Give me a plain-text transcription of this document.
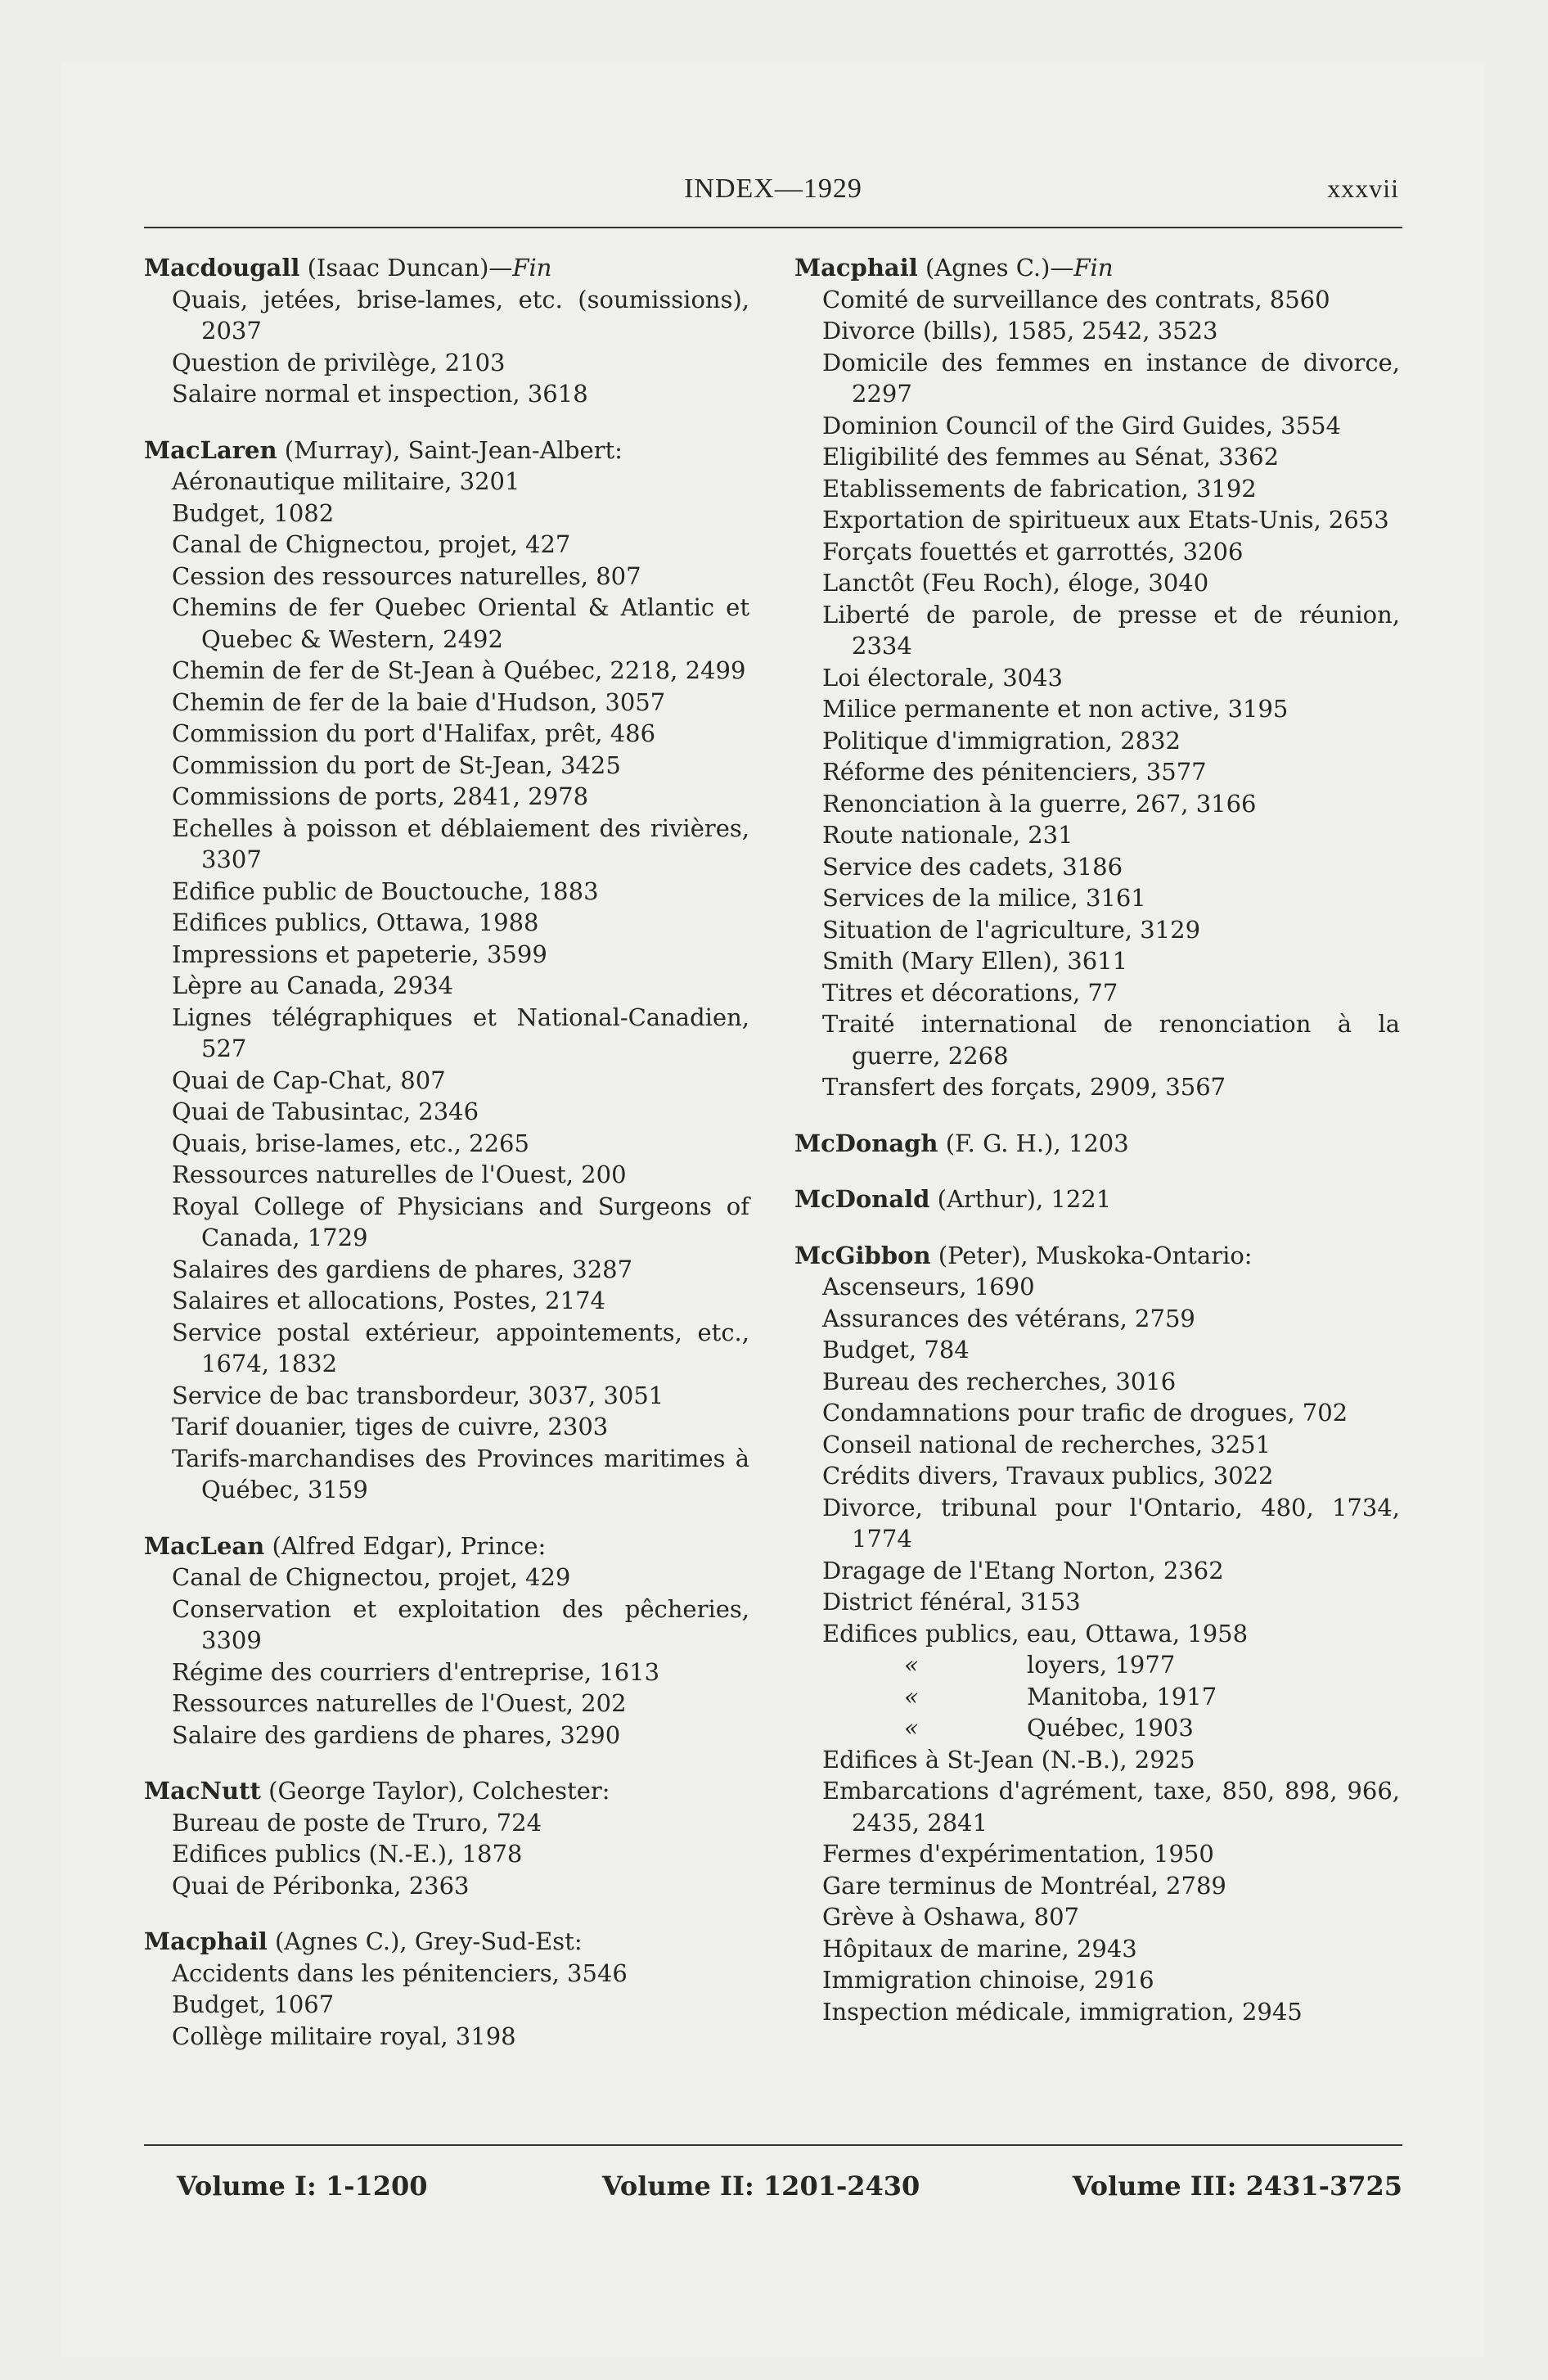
INDEX—1929	xxxvii
Macdougall (Isaac Duncan)—Fin
Quais, jetées, brise-lames, etc. (soumissions), 2037
Question de privilège, 2103
Salaire normal et inspection, 3618
MacLaren (Murray), Saint-Jean-Albert:
Aéronautique militaire, 3201
Budget, 1082
Canal de Chignectou, projet, 427
Cession des ressources naturelles, 807
Chemins de fer Quebec Oriental & Atlantic et Quebec & Western, 2492
Chemin de fer de St-Jean à Québec, 2218, 2499
Chemin de fer de la baie d'Hudson, 3057
Commission du port d'Halifax, prêt, 486
Commission du port de St-Jean, 3425
Commissions de ports, 2841, 2978
Echelles à poisson et déblaiement des rivières, 3307
Edifice public de Bouctouche, 1883
Edifices publics, Ottawa, 1988
Impressions et papeterie, 3599
Lèpre au Canada, 2934
Lignes télégraphiques et National-Canadien, 527
Quai de Cap-Chat, 807
Quai de Tabusintac, 2346
Quais, brise-lames, etc., 2265
Ressources naturelles de l'Ouest, 200
Royal College of Physicians and Surgeons of Canada, 1729
Salaires des gardiens de phares, 3287
Salaires et allocations, Postes, 2174
Service postal extérieur, appointements, etc., 1674, 1832
Service de bac transbordeur, 3037, 3051
Tarif douanier, tiges de cuivre, 2303
Tarifs-marchandises des Provinces maritimes à Québec, 3159
MacLean (Alfred Edgar), Prince:
Canal de Chignectou, projet, 429
Conservation et exploitation des pêcheries, 3309
Régime des courriers d'entreprise, 1613
Ressources naturelles de l'Ouest, 202
Salaire des gardiens de phares, 3290
MacNutt (George Taylor), Colchester:
Bureau de poste de Truro, 724
Edifices publics (N.-E.), 1878
Quai de Péribonka, 2363
Macphail (Agnes C.), Grey-Sud-Est:
Accidents dans les pénitenciers, 3546
Budget, 1067
Collège militaire royal, 3198
Macphail (Agnes C.)—Fin
Comité de surveillance des contrats, 8560
Divorce (bills), 1585, 2542, 3523
Domicile des femmes en instance de divorce, 2297
Dominion Council of the Gird Guides, 3554
Eligibilité des femmes au Sénat, 3362
Etablissements de fabrication, 3192
Exportation de spiritueux aux Etats-Unis, 2653
Forçats fouettés et garrottés, 3206
Lanctôt (Feu Roch), éloge, 3040
Liberté de parole, de presse et de réunion, 2334
Loi électorale, 3043
Milice permanente et non active, 3195
Politique d'immigration, 2832
Réforme des pénitenciers, 3577
Renonciation à la guerre, 267, 3166
Route nationale, 231
Service des cadets, 3186
Services de la milice, 3161
Situation de l'agriculture, 3129
Smith (Mary Ellen), 3611
Titres et décorations, 77
Traité international de renonciation à la guerre, 2268
Transfert des forçats, 2909, 3567
McDonagh (F. G. H.), 1203
McDonald (Arthur), 1221
McGibbon (Peter), Muskoka-Ontario:
Ascenseurs, 1690
Assurances des vétérans, 2759
Budget, 784
Bureau des recherches, 3016
Condamnations pour trafic de drogues, 702
Conseil national de recherches, 3251
Crédits divers, Travaux publics, 3022
Divorce, tribunal pour l'Ontario, 480, 1734, 1774
Dragage de l'Etang Norton, 2362
District fénéral, 3153
Edifices publics, eau, Ottawa, 1958
«	loyers, 1977
«	Manitoba, 1917
«	Québec, 1903
Edifices à St-Jean (N.-B.), 2925
Embarcations d'agrément, taxe, 850, 898, 966, 2435, 2841
Fermes d'expérimentation, 1950
Gare terminus de Montréal, 2789
Grève à Oshawa, 807
Hôpitaux de marine, 2943
Immigration chinoise, 2916
Inspection médicale, immigration, 2945
Volume I: 1-1200	Volume II: 1201-2430	Volume III: 2431-3725
